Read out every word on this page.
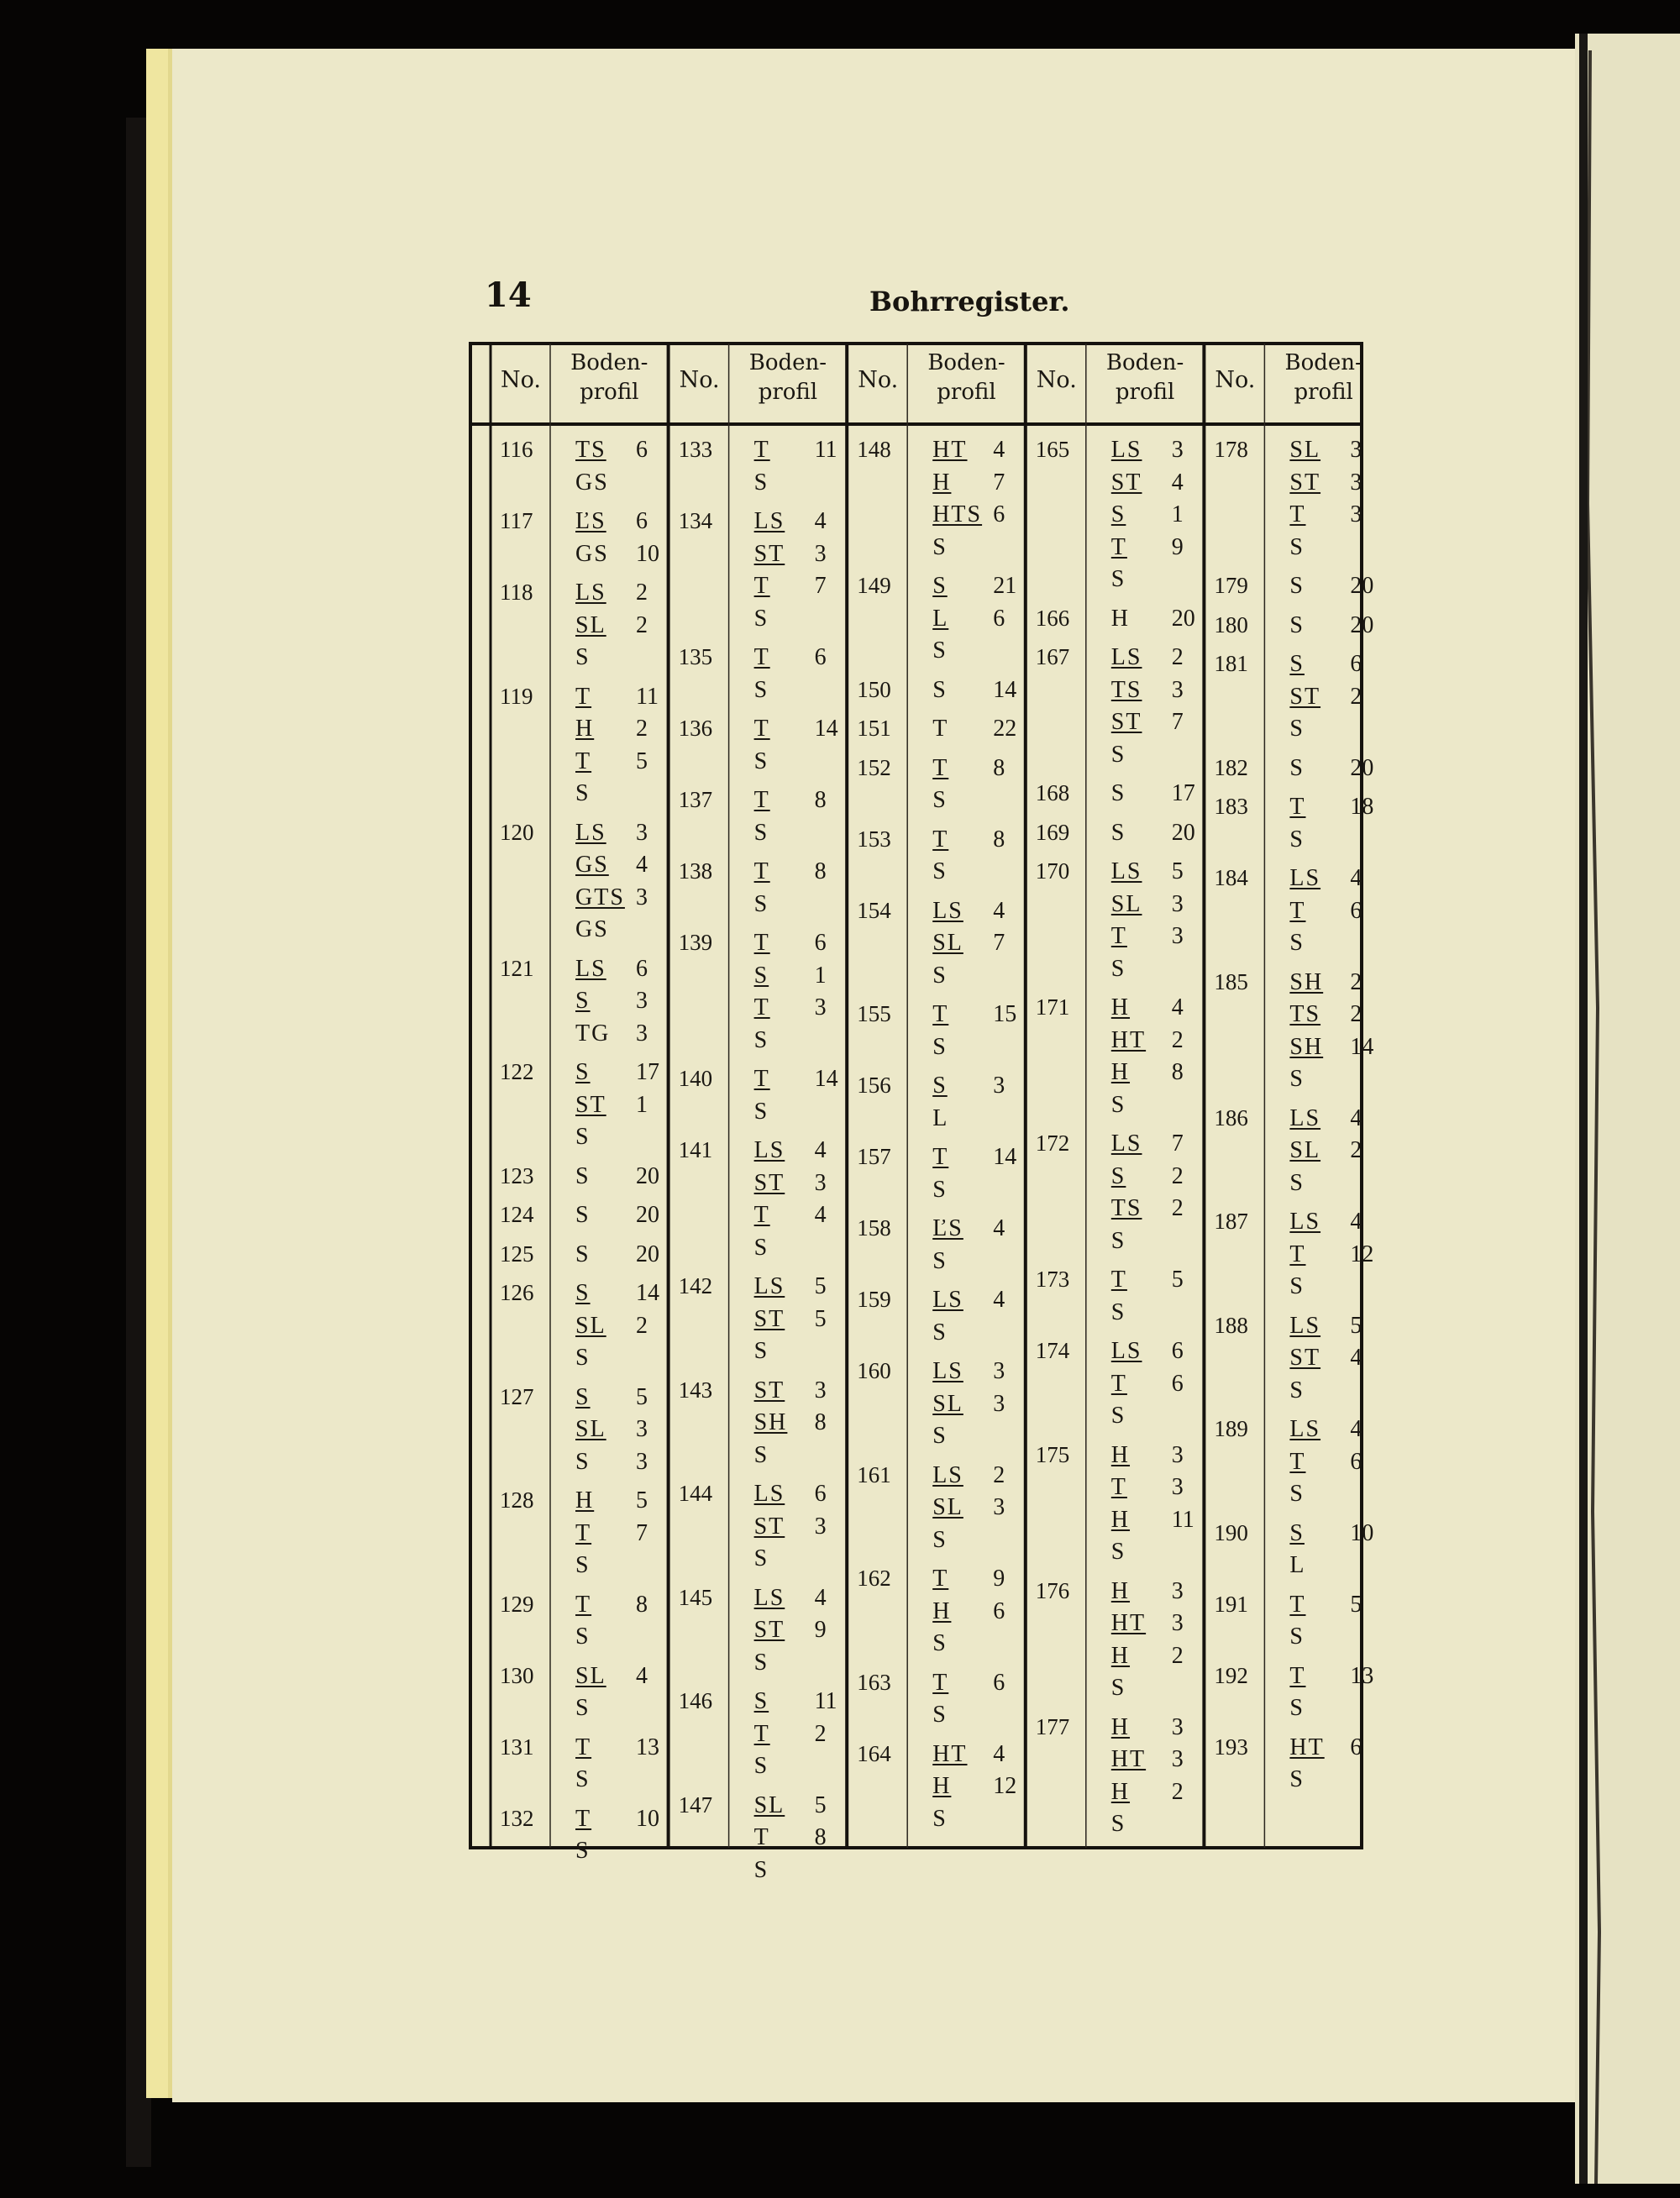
14	Bohrregister.
No.
Boden-
profil
116 TS 6
GS
117 ĽS 6
GS 10
118 LS 2
SL 2
S
119 T 11
H 2
T 5
S
120 LS 3
GS 4
GTS 3
GS
121 LS 6
S 3
TG 3
122 S 17
ST 1
S
123 S 20
124 S 20
125 S 20
126 S 14
SL 2
S
127 S 5
SL 3
S 3
128 H 5
T 7
S
129 T 8
S
130 SL 4
S
131 T 13
S
132 T 10
S
No.
Boden-
profil
133 T 11
S
134 LS 4
ST 3
T 7
S
135 T 6
S
136 T 14
S
137 T 8
S
138 T 8
S
139 T 6
S 1
T 3
S
140 T 14
S
141 LS 4
ST 3
T 4
S
142 LS 5
ST 5
S
143 ST 3
SH 8
S
144 LS 6
ST 3
S
145 LS 4
ST 9
S
146 S 11
T 2
S
147 SL 5
T 8
S
No.
Boden-
profil
148 HT 4
H 7
HTS 6
S
149 S 21
L 6
S
150 S 14
151 T 22
152 T 8
S
153 T 8
S
154 LS 4
SL 7
S
155 T 15
S
156 S 3
L
157 T 14
S
158 ĽS 4
S
159 LS 4
S
160 LS 3
SL 3
S
161 LS 2
SL 3
S
162 T 9
H 6
S
163 T 6
S
164 HT 4
H 12
S
No.
Boden-
profil
165 LS 3
ST 4
S 1
T 9
S
166 H 20
167 LS 2
TS 3
ST 7
S
168 S 17
169 S 20
170 LS 5
SL 3
T 3
S
171 H 4
HT 2
H 8
S
172 LS 7
S 2
TS 2
S
173 T 5
S
174 LS 6
T 6
S
175 H 3
T 3
H 11
S
176 H 3
HT 3
H 2
S
177 H 3
HT 3
H 2
S
No.
Boden-
profil
178 SL 3
ST 3
T 3
S
179 S 20
180 S 20
181 S 6
ST 2
S
182 S 20
183 T 18
S
184 LS 4
T 6
S
185 SH 2
TS 2
SH 14
S
186 LS 4
SL 2
S
187 LS 4
T 12
S
188 LS 5
ST 4
S
189 LS 4
T 6
S
190 S 10
L
191 T 5
S
192 T 13
S
193 HT 6
S
